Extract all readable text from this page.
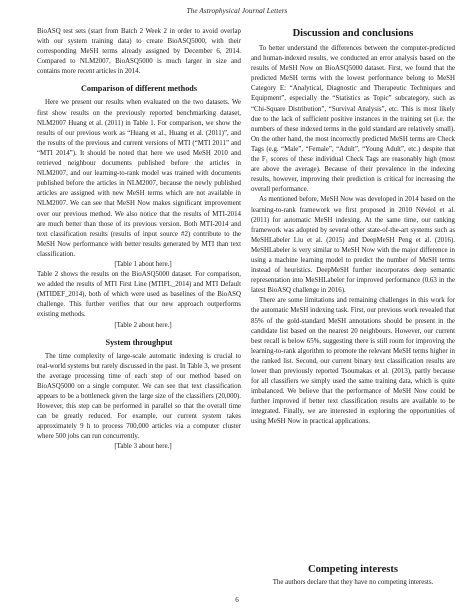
The Astrophysical Journal Letters

BioASQ test sets (start from Batch 2 Week 2 in order to avoid overlap with our system training data) to create BioASQ5000, with their corresponding MeSH terms already assigned by December 6, 2014. Compared to NLM2007, BioASQ5000 is much larger in size and contains more recent articles in 2014.

Comparison of different methods

Here we present our results when evaluated on the two datasets. We first show results on the previously reported benchmarking dataset, NLM2007 Huang et al. (2011) in Table 1. For comparison, we show the results of our previous work as “Huang et al., Huang et al. (2011)”, and the results of the previous and current versions of MTI (“MTI 2011” and “MTI 2014”). It should be noted that here we used MeSH 2010 and retrieved neighbour documents published before the articles in NLM2007, and our learning-to-rank model was trained with documents published before the articles in NLM2007, because the newly published articles are assigned with new MeSH terms which are not available in NLM2007. We can see that MeSH Now makes significant improvement over our previous method. We also notice that the results of MTI-2014 are much better than those of its previous version. Both MTI-2014 and text classification results (results of input source #2) contribute to the MeSH Now performance with better results generated by MTI than text classification.

[Table 1 about here.]

Table 2 shows the results on the BioASQ5000 dataset. For comparison, we added the results of MTI First Line (MTIFL_2014) and MTI Default (MTIDEF_2014), both of which were used as baselines of the BioASQ challenge. This further verifies that our new approach outperforms existing methods.

[Table 2 about here.]

System throughput

The time complexity of large-scale automatic indexing is crucial to real-world systems but rarely discussed in the past. In Table 3, we present the average processing time of each step of our method based on BioASQ5000 on a single computer. We can see that text classification appears to be a bottleneck given the large size of the classifiers (20,000). However, this step can be performed in parallel so that the overall time can be greatly reduced. For example, our current system takes approximately 9 h to process 700,000 articles via a computer cluster where 500 jobs can run concurrently.

[Table 3 about here.]

Discussion and conclusions

To better understand the differences between the computer-predicted and human-indexed results, we conducted an error analysis based on the results of MeSH Now on BioASQ5000 dataset. First, we found that the predicted MeSH terms with the lowest performance belong to MeSH Category E: “Analytical, Diagnostic and Therapeutic Techniques and Equipment”, especially the “Statistics as Topic” subcategory, such as “Chi-Square Distribution”, “Survival Analysis”, etc. This is most likely due to the lack of sufficient positive instances in the training set (i.e. the numbers of these indexed terms in the gold standard are relatively small). On the other hand, the most incorrectly predicted MeSH terms are Check Tags (e.g. “Male”, “Female”, “Adult”, “Young Adult”, etc.) despite that the F₁ scores of these individual Check Tags are reasonably high (most are above the average). Because of their prevalence in the indexing results, however, improving their prediction is critical for increasing the overall performance.

As mentioned before, MeSH Now was developed in 2014 based on the learning-to-rank framework we first proposed in 2010 Névéol et al. (2011) for automatic MeSH indexing. At the same time, our ranking framework was adopted by several other state-of-the-art systems such as MeSHLabeler Liu et al. (2015) and DeepMeSH Peng et al. (2016). MeSHLabeler is very similar to MeSH Now with the major difference in using a machine learning model to predict the number of MeSH terms instead of heuristics. DeepMeSH further incorporates deep semantic representation into MeSHLabeler for improved performance (0.63 in the latest BioASQ challenge in 2016).

There are some limitations and remaining challenges in this work for the automatic MeSH indexing task. First, our previous work revealed that 85% of the gold-standard MeSH annotations should be present in the candidate list based on the nearest 20 neighbours. However, our current best recall is below 65%, suggesting there is still room for improving the learning-to-rank algorithm to promote the relevant MeSH terms higher in the ranked list. Second, our current binary text classification results are lower than previously reported Tsoumakas et al. (2013), partly because for all classifiers we simply used the same training data, which is quite imbalanced. We believe that the performance of MeSH Now could be further improved if better text classification results are available to be integrated. Finally, we are interested in exploring the opportunities of using MeSH Now in practical applications.

Competing interests
The authors declare that they have no competing interests.
6
